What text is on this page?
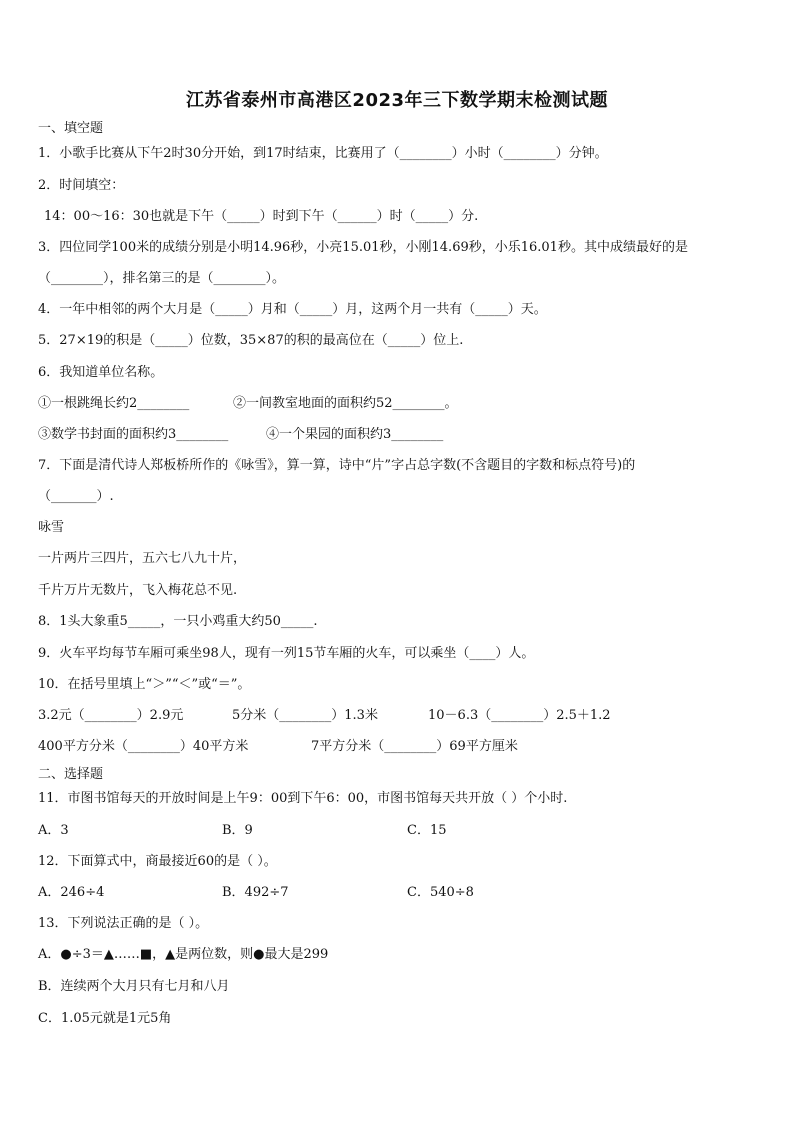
江苏省泰州市高港区2023年三下数学期末检测试题
一、填空题
1．小歌手比赛从下午2时30分开始，到17时结束，比赛用了（________）小时（________）分钟。
2．时间填空：
14：00～16：30也就是下午（_____）时到下午（______）时（_____）分.
3．四位同学100米的成绩分别是小明14.96秒，小亮15.01秒，小刚14.69秒，小乐16.01秒。其中成绩最好的是
（________），排名第三的是（________）。
4．一年中相邻的两个大月是（_____）月和（_____）月，这两个月一共有（_____）天。
5．27×19的积是（_____）位数，35×87的积的最高位在（_____）位上.
6．我知道单位名称。
①一根跳绳长约2________	②一间教室地面的面积约52________。
③数学书封面的面积约3________	④一个果园的面积约3________
7．下面是清代诗人郑板桥所作的《咏雪》，算一算，诗中“片”字占总字数(不含题目的字数和标点符号)的
（_______）.
咏雪
一片两片三四片，五六七八九十片，
千片万片无数片，飞入梅花总不见.
8．1头大象重5_____，一只小鸡重大约50_____.
9．火车平均每节车厢可乘坐98人，现有一列15节车厢的火车，可以乘坐（____）人。
10．在括号里填上“＞”“＜”或“＝”。
3.2元（________）2.9元	5分米（________）1.3米	10－6.3（________）2.5＋1.2
400平方分米（________）40平方米	7平方分米（________）69平方厘米
二、选择题
11．市图书馆每天的开放时间是上午9：00到下午6：00，市图书馆每天共开放（ ）个小时.
A．3	B．9	C．15
12．下面算式中，商最接近60的是（ ）。
A．246÷4	B．492÷7	C．540÷8
13．下列说法正确的是（ ）。
A．●÷3＝▲……■，▲是两位数，则●最大是299
B．连续两个大月只有七月和八月
C．1.05元就是1元5角
